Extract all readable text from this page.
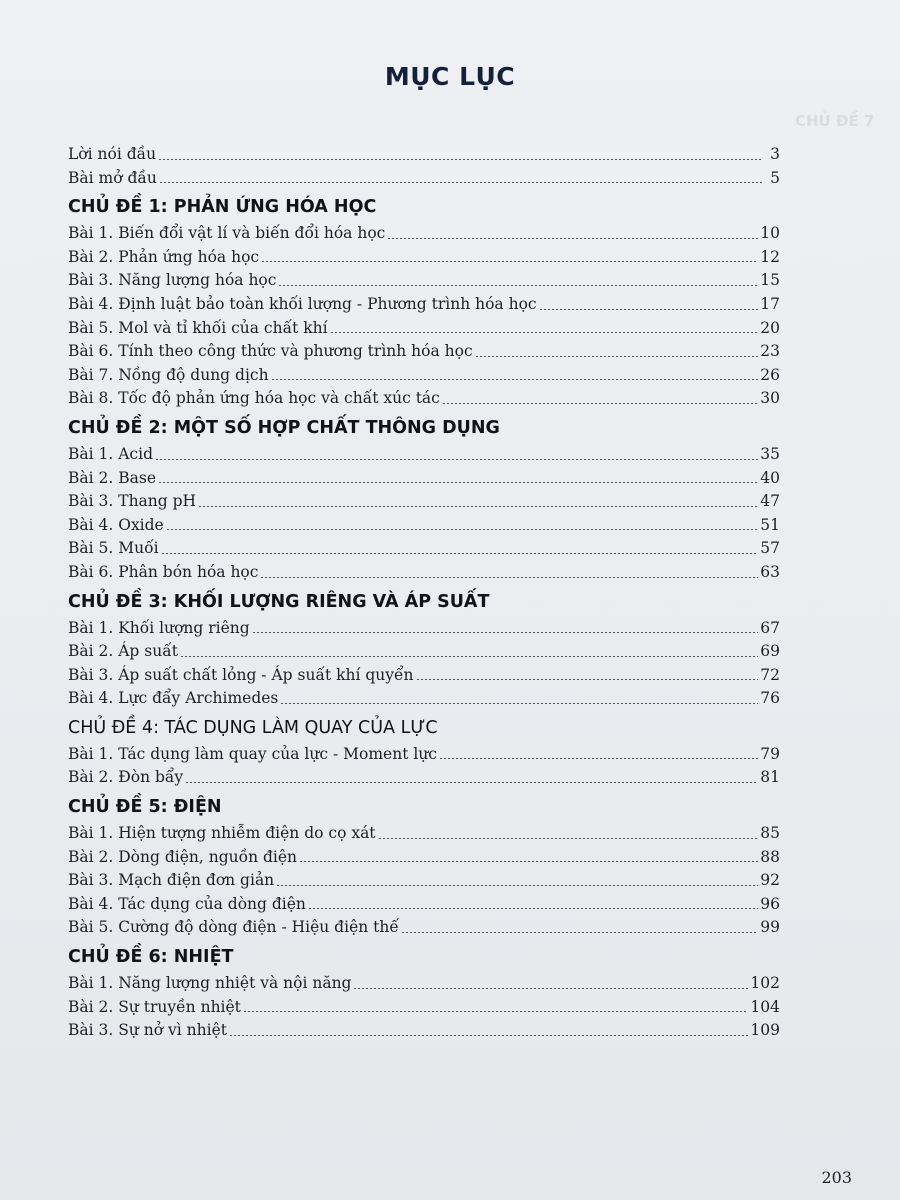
CHỦ ĐỀ 7
MỤC LỤC
Lời nói đầu	3
Bài mở đầu	5
CHỦ ĐỀ 1: PHẢN ỨNG HÓA HỌC
Bài 1. Biến đổi vật lí và biến đổi hóa học	10
Bài 2. Phản ứng hóa học	12
Bài 3. Năng lượng hóa học	15
Bài 4. Định luật bảo toàn khối lượng - Phương trình hóa học	17
Bài 5. Mol và tỉ khối của chất khí	20
Bài 6. Tính theo công thức và phương trình hóa học	23
Bài 7. Nồng độ dung dịch	26
Bài 8. Tốc độ phản ứng hóa học và chất xúc tác	30
CHỦ ĐỀ 2: MỘT SỐ HỢP CHẤT THÔNG DỤNG
Bài 1. Acid	35
Bài 2. Base	40
Bài 3. Thang pH	47
Bài 4. Oxide	51
Bài 5. Muối	57
Bài 6. Phân bón hóa học	63
CHỦ ĐỀ 3: KHỐI LƯỢNG RIÊNG VÀ ÁP SUẤT
Bài 1. Khối lượng riêng	67
Bài 2. Áp suất	69
Bài 3. Áp suất chất lỏng - Áp suất khí quyển	72
Bài 4. Lực đẩy Archimedes	76
CHỦ ĐỀ 4: TÁC DỤNG LÀM QUAY CỦA LỰC
Bài 1. Tác dụng làm quay của lực - Moment lực	79
Bài 2. Đòn bẩy	81
CHỦ ĐỀ 5: ĐIỆN
Bài 1. Hiện tượng nhiễm điện do cọ xát	85
Bài 2. Dòng điện, nguồn điện	88
Bài 3. Mạch điện đơn giản	92
Bài 4. Tác dụng của dòng điện	96
Bài 5. Cường độ dòng điện - Hiệu điện thế	99
CHỦ ĐỀ 6: NHIỆT
Bài 1. Năng lượng nhiệt và nội năng	102
Bài 2. Sự truyền nhiệt	104
Bài 3. Sự nở vì nhiệt	109
203
